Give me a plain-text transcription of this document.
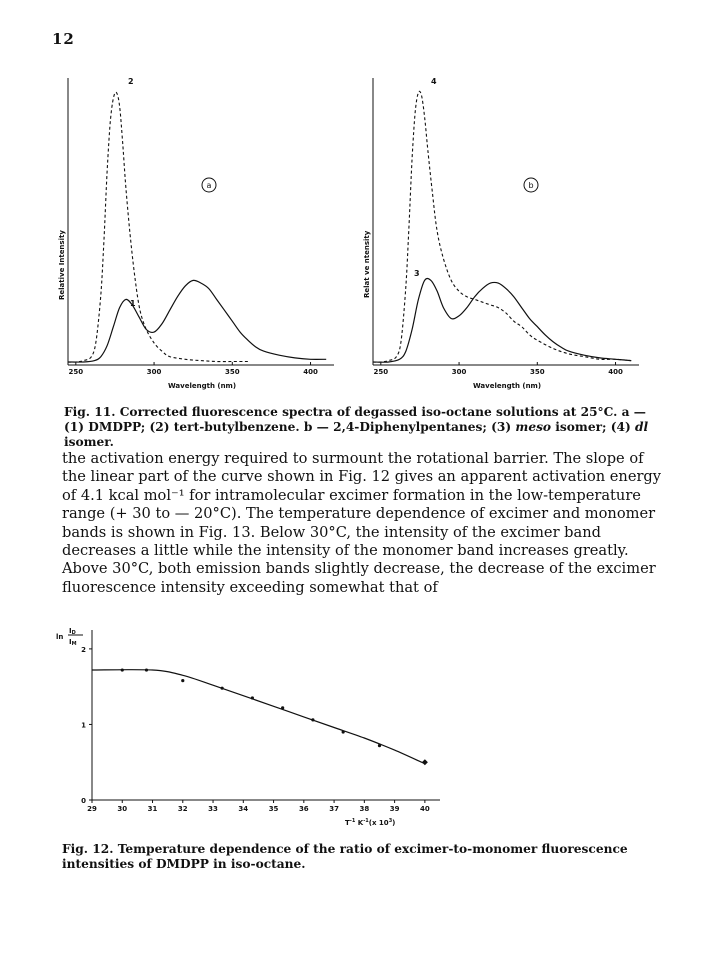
12
Relative Intensity
250	300	350	400
Wavelength (nm)
2
1
a
Relat ve ntensity
250	300	350	400
Wavelength (nm)
4
3
b
Fig. 11. Corrected fluorescence spectra of degassed iso-octane solutions at 25°C. a — (1) DMDPP; (2) tert-butylbenzene. b — 2,4-Diphenylpentanes; (3) meso isomer; (4) dl isomer.
the activation energy required to surmount the rotational barrier. The slope of the linear part of the curve shown in Fig. 12 gives an apparent activation energy of 4.1 kcal mol⁻¹ for intramolecular excimer formation in the low-temperature range (+ 30 to — 20°C). The temperature dependence of excimer and monomer bands is shown in Fig. 13. Below 30°C, the intensity of the excimer band decreases a little while the intensity of the monomer band increases greatly. Above 30°C, both emission bands slightly decrease, the decrease of the excimer fluorescence intensity exceeding somewhat that of
ln
ID
IM
29	30	31	32	33	34	35	36	37	38	39	40
0
1
2
$T^{-1}$ $K^{-1}(x$ $10^3$)
Fig. 12. Temperature dependence of the ratio of excimer-to-monomer fluorescence intensities of DMDPP in iso-octane.
